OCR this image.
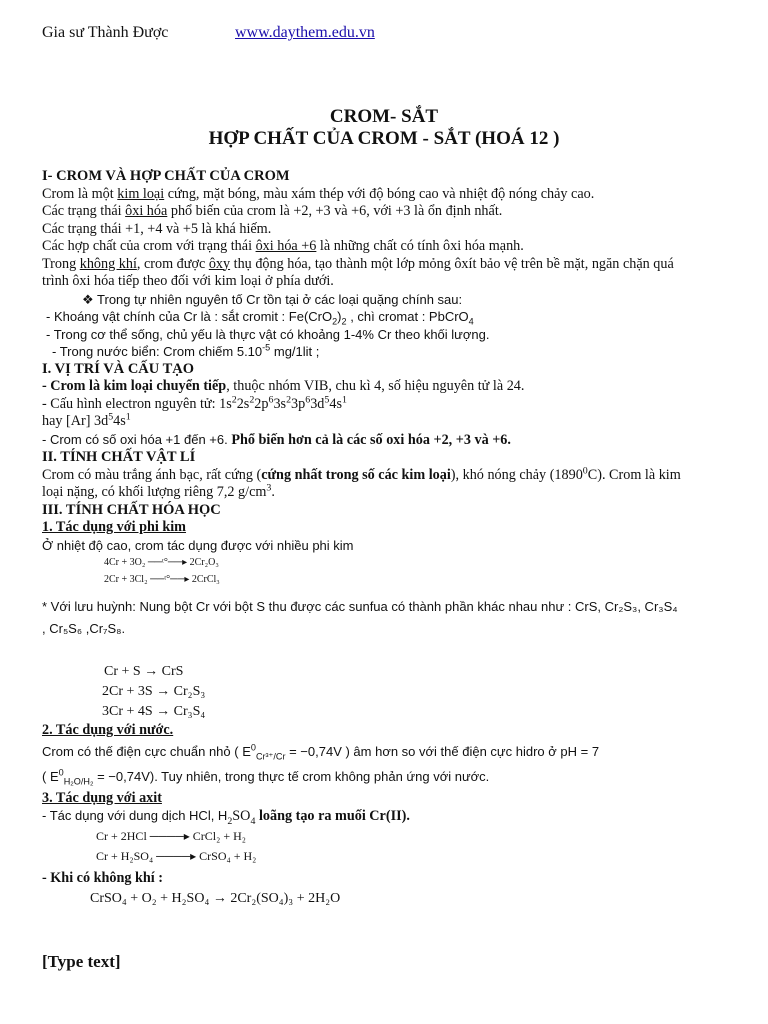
Gia sư Thành Được	www.daythem.edu.vn
CROM- SẮT
HỢP CHẤT CỦA CROM - SẮT (HOÁ 12 )
I- CROM VÀ HỢP CHẤT CỦA CROM
Crom là một kim loại cứng, mặt bóng, màu xám thép với độ bóng cao và nhiệt độ nóng chảy cao.
Các trạng thái ôxi hóa phổ biến của crom là +2, +3 và +6, với +3 là ổn định nhất.
Các trạng thái +1, +4 và +5 là khá hiếm.
Các hợp chất của crom với trạng thái ôxi hóa +6 là những chất có tính ôxi hóa mạnh.
Trong không khí, crom được ôxy thụ động hóa, tạo thành một lớp mỏng ôxít bảo vệ trên bề mặt, ngăn chặn quá
trình ôxi hóa tiếp theo đối với kim loại ở phía dưới.
❖ Trong tự nhiên nguyên tố Cr tồn tại ở các loại quặng chính sau:
- Khoáng vật chính của Cr là : sắt cromit : $Fe(CrO_2)_2$ , chì cromat : PbCrO$_4$
- Trong cơ thể sống, chủ yếu là thực vật có khoảng 1-4% Cr theo khối lượng.
- Trong nước biển: Crom chiếm $5.10^{-5}$ mg/1lit ;
I. VỊ TRÍ VÀ CẤU TẠO
- Crom là kim loại chuyển tiếp, thuộc nhóm VIB, chu kì 4, số hiệu nguyên tử là 24.
- Cấu hình electron nguyên tử: $1s^22s^22p^63s^23p^63d^54s^1$
hay [Ar] $3d^54s^1$
- Crom có số oxi hóa +1 đến +6. Phổ biến hơn cả là các số oxi hóa +2, +3 và +6.
II. TÍNH CHẤT VẬT LÍ
Crom có màu trắng ánh bạc, rất cứng (cứng nhất trong số các kim loại), khó nóng chảy (1890$^0$C). Crom là kim
loại nặng, có khối lượng riêng 7,2 $g/cm^3$.
III. TÍNH CHẤT HÓA HỌC
1. Tác dụng với phi kim
Ở nhiệt độ cao, crom tác dụng được với nhiều phi kim
4Cr + 3O₂ ──ᵗ°──▸ 2Cr₂O₃
2Cr + 3Cl₂ ──ᵗ°──▸ 2CrCl₃
* Với lưu huỳnh: Nung bột Cr với bột S thu được các sunfua có thành phần khác nhau như : CrS, Cr₂S₃, Cr₃S₄
, Cr₅S₆ ,Cr₇S₈.
Cr + S → CrS
2Cr + 3S → Cr₂S₃
3Cr + 4S → Cr₃S₄
2. Tác dụng với nước.
Crom có thế điện cực chuẩn nhỏ ( $E^0_{Cr^{3+}/Cr} = -0,74V$ ) âm hơn so với thế điện cực hidro ở pH = 7
( $E^0_{H_2O/H_2} = -0,74V$). Tuy nhiên, trong thực tế crom không phản ứng với nước.
3. Tác dụng với axit
- Tác dụng với dung dịch HCl, $H_2SO_4$ loãng tạo ra muối Cr(II).
Cr + 2HCl ────▸ CrCl₂ + H₂
Cr + H₂SO₄ ────▸ CrSO₄ + H₂
- Khi có không khí :
CrSO₄ + O₂ + H₂SO₄ → 2Cr₂(SO₄)₃ + 2H₂O
[Type text]
